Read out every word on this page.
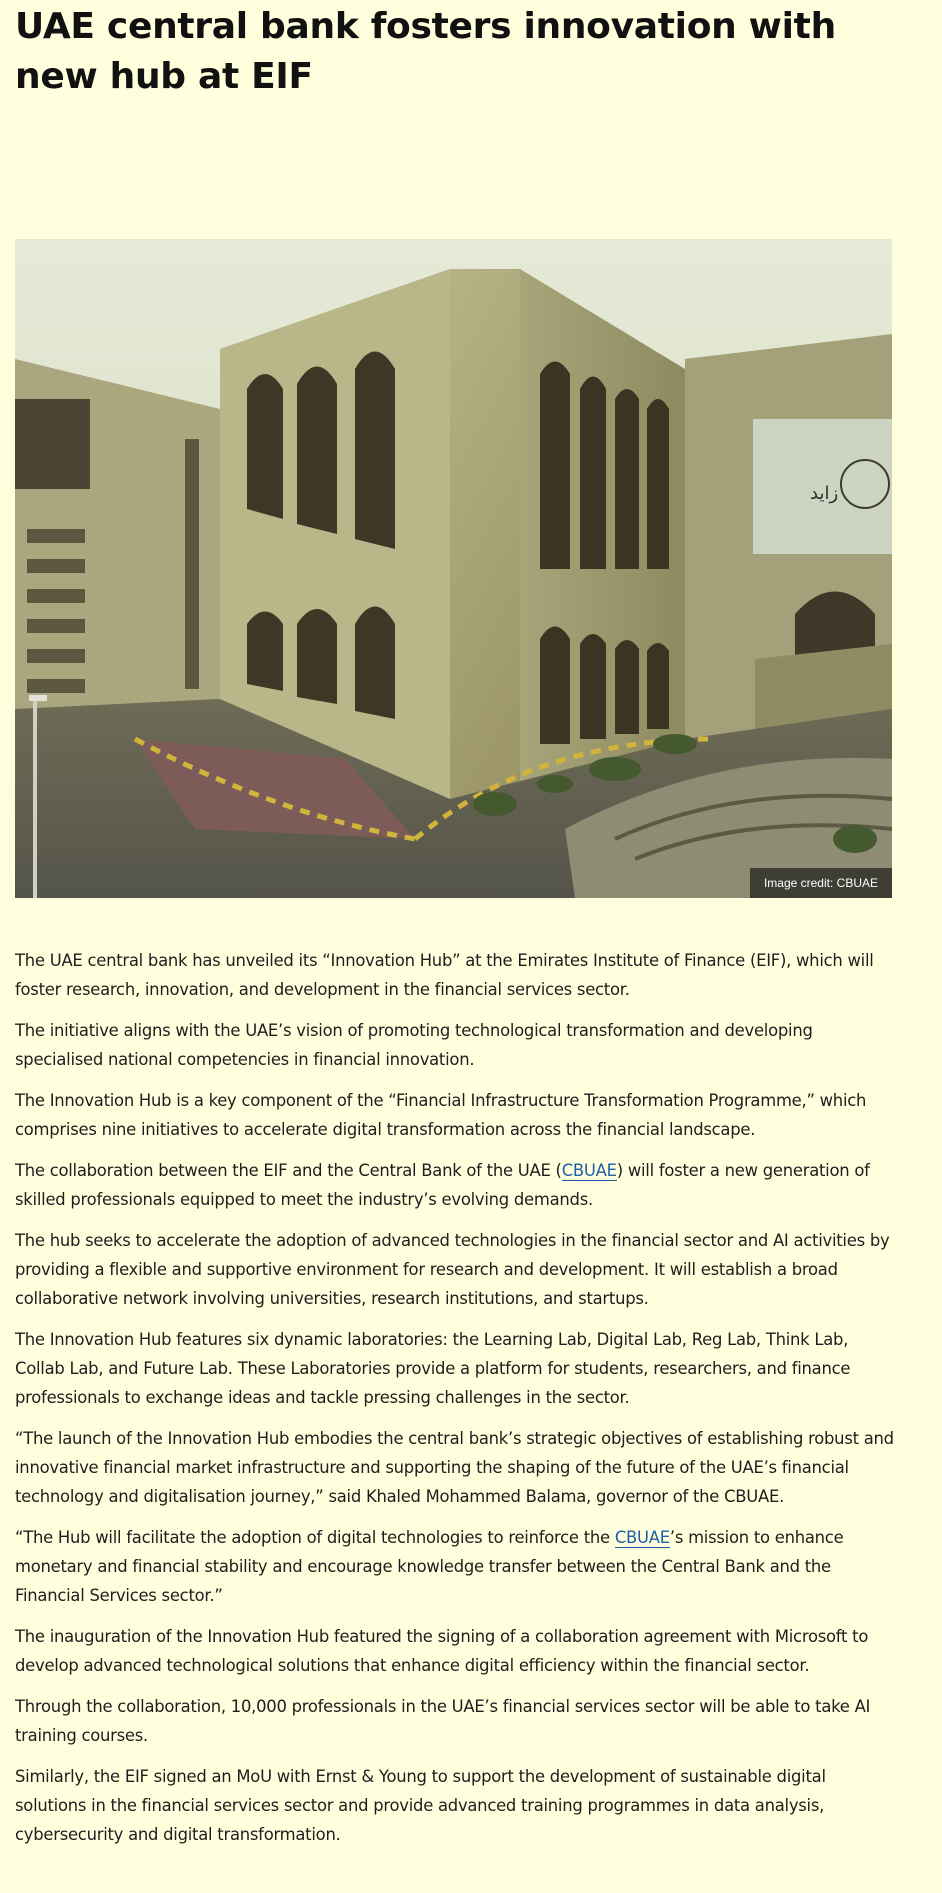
UAE central bank fosters innovation with new hub at EIF
زايد
Image credit: CBUAE

The UAE central bank has unveiled its “Innovation Hub” at the Emirates Institute of Finance (EIF), which will foster research, innovation, and development in the financial services sector.

The initiative aligns with the UAE’s vision of promoting technological transformation and developing specialised national competencies in financial innovation.

The Innovation Hub is a key component of the “Financial Infrastructure Transformation Programme,” which comprises nine initiatives to accelerate digital transformation across the financial landscape.

The collaboration between the EIF and the Central Bank of the UAE (CBUAE) will foster a new generation of skilled professionals equipped to meet the industry’s evolving demands.

The hub seeks to accelerate the adoption of advanced technologies in the financial sector and AI activities by providing a flexible and supportive environment for research and development. It will establish a broad collaborative network involving universities, research institutions, and startups.

The Innovation Hub features six dynamic laboratories: the Learning Lab, Digital Lab, Reg Lab, Think Lab, Collab Lab, and Future Lab. These Laboratories provide a platform for students, researchers, and finance professionals to exchange ideas and tackle pressing challenges in the sector.

“The launch of the Innovation Hub embodies the central bank’s strategic objectives of establishing robust and innovative financial market infrastructure and supporting the shaping of the future of the UAE’s financial technology and digitalisation journey,” said Khaled Mohammed Balama, governor of the CBUAE.

“The Hub will facilitate the adoption of digital technologies to reinforce the CBUAE’s mission to enhance monetary and financial stability and encourage knowledge transfer between the Central Bank and the Financial Services sector.”

The inauguration of the Innovation Hub featured the signing of a collaboration agreement with Microsoft to develop advanced technological solutions that enhance digital efficiency within the financial sector.

Through the collaboration, 10,000 professionals in the UAE’s financial services sector will be able to take AI training courses.

Similarly, the EIF signed an MoU with Ernst & Young to support the development of sustainable digital solutions in the financial services sector and provide advanced training programmes in data analysis, cybersecurity and digital transformation.
